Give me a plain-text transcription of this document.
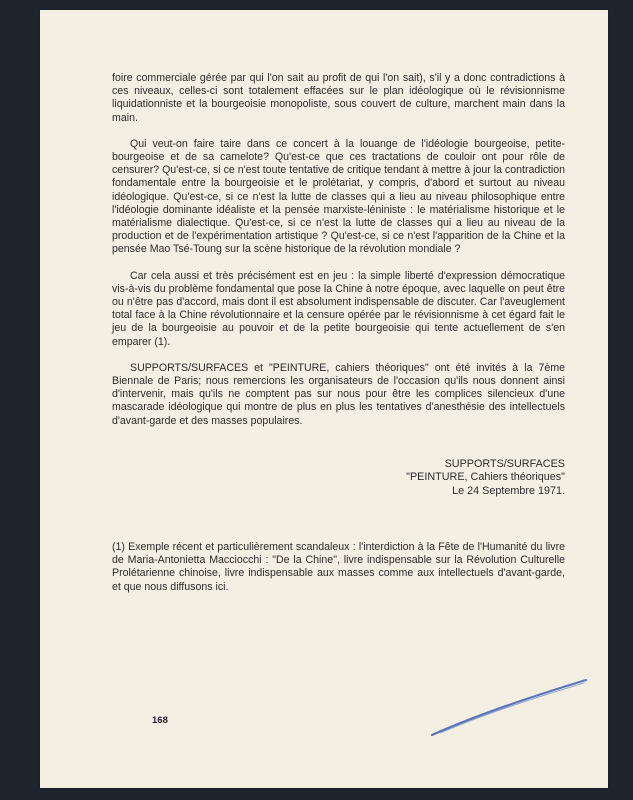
foire commerciale gérée par qui l'on sait au profit de qui l'on sait), s'il y a donc contradictions à ces niveaux, celles-ci sont totalement effacées sur le plan idéologique où le révisionnisme liquidationniste et la bourgeoisie monopoliste, sous couvert de culture, marchent main dans la main.

Qui veut-on faire taire dans ce concert à la louange de l'idéologie bourgeoise, petite-bourgeoise et de sa camelote? Qu'est-ce que ces tractations de couloir ont pour rôle de censurer? Qu'est-ce, si ce n'est toute tentative de critique tendant à mettre à jour la contradiction fondamentale entre la bourgeoisie et le prolétariat, y compris, d'abord et surtout au niveau idéologique. Qu'est-ce, si ce n'est la lutte de classes qui a lieu au niveau philosophique entre l'idéologie dominante idéaliste et la pensée marxiste-léniniste : le matérialisme historique et le matérialisme dialectique. Qu'est-ce, si ce n'est la lutte de classes qui a lieu au niveau de la production et de l'expérimentation artistique ? Qu'est-ce, si ce n'est l'apparition de la Chine et la pensée Mao Tsé-Toung sur la scène historique de la révolution mondiale ?

Car cela aussi et très précisément est en jeu : la simple liberté d'expression démocratique vis-à-vis du problème fondamental que pose la Chine à notre époque, avec laquelle on peut être ou n'être pas d'accord, mais dont il est absolument indispensable de discuter. Car l'aveuglement total face à la Chine révolutionnaire et la censure opérée par le révisionnisme à cet égard fait le jeu de la bourgeoisie au pouvoir et de la petite bourgeoisie qui tente actuellement de s'en emparer (1).

SUPPORTS/SURFACES et "PEINTURE, cahiers théoriques" ont été invités à la 7ème Biennale de Paris; nous remercions les organisateurs de l'occasion qu'ils nous donnent ainsi d'intervenir, mais qu'ils ne comptent pas sur nous pour être les complices silencieux d'une mascarade idéologique qui montre de plus en plus les tentatives d'anesthésie des intellectuels d'avant-garde et des masses populaires.

SUPPORTS/SURFACES
"PEINTURE, Cahiers théoriques"
Le 24 Septembre 1971.
(1) Exemple récent et particulièrement scandaleux : l'interdiction à la Fête de l'Humanité du livre de Maria-Antonietta Macciocchi : "De la Chine", livre indispensable sur la Révolution Culturelle Prolétarienne chinoise, livre indispensable aux masses comme aux intellectuels d'avant-garde, et que nous diffusons ici.
168
